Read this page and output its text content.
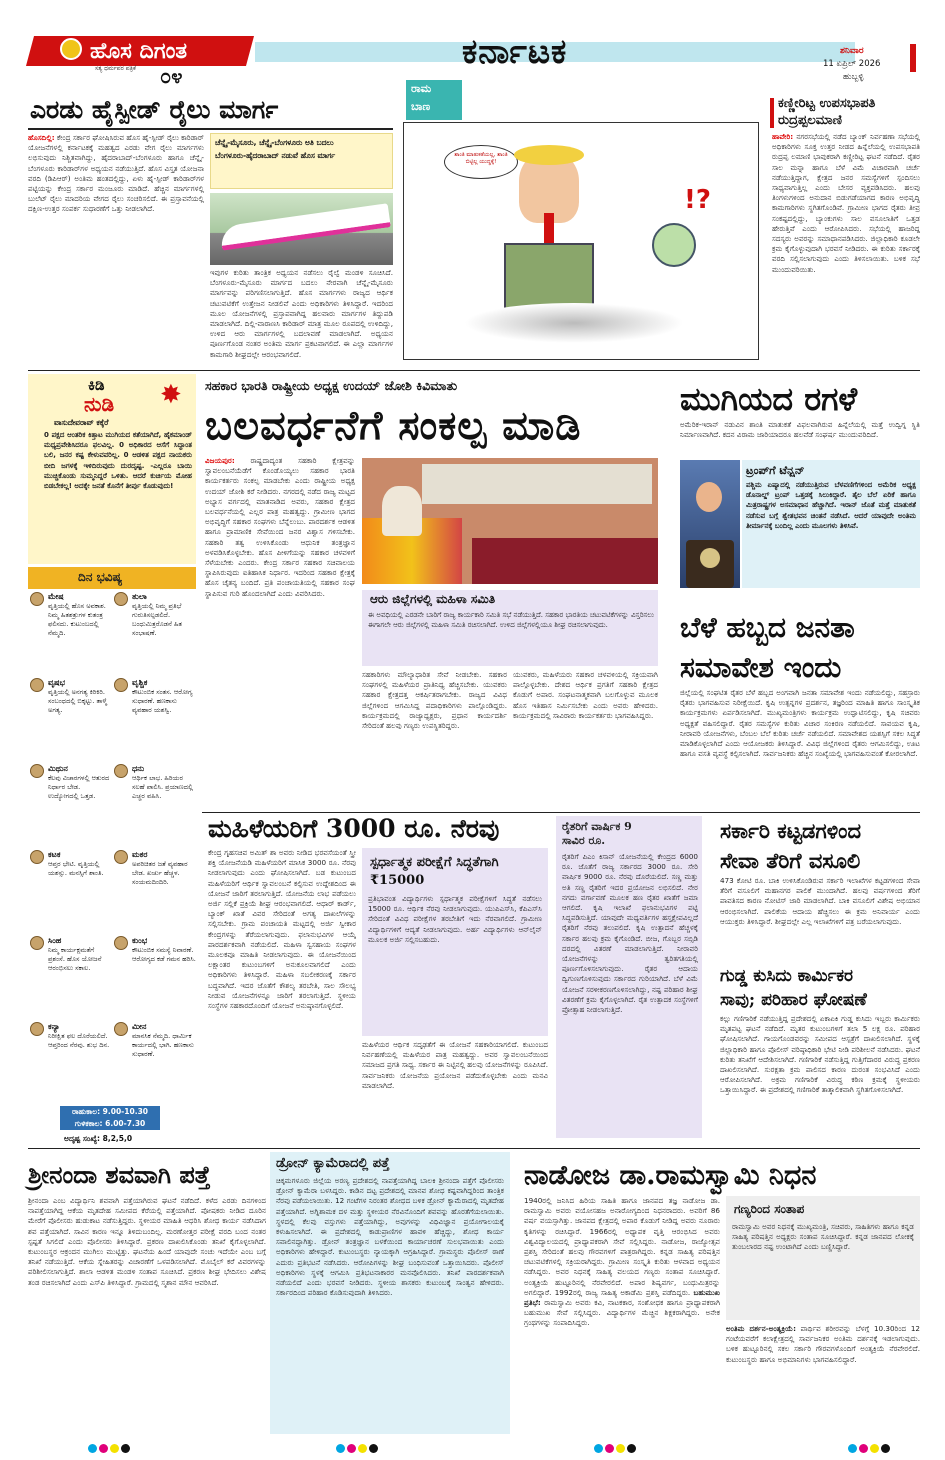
ಹೊಸ ದಿಗಂತ
ಸತ್ಯ ಧರ್ಮಪರ ಪತ್ರಿಕೆ ೦೪
ಕರ್ನಾಟಕ	ಶನಿವಾರ
11 ಏಪ್ರಿಲ್ 2026
ಹುಬ್ಬಳ್ಳಿ
ಎರಡು ಹೈಸ್ಪೀಡ್ ರೈಲು ಮಾರ್ಗ
ಹೊಸದಿಲ್ಲಿ: ಕೇಂದ್ರ ಸರ್ಕಾರ ಘೋಷಿಸಿರುವ ಹೊಸ ಹೈ-ಸ್ಪೀಡ್ ರೈಲು ಕಾರಿಡಾರ್ ಯೋಜನೆಗಳಲ್ಲಿ ಕರ್ನಾಟಕಕ್ಕೆ ಮಹತ್ವದ ಎರಡು ವೇಗ ರೈಲು ಮಾರ್ಗಗಳು ಲಭಿಸುವುದು ನಿಶ್ಚಿತವಾಗಿದ್ದು, ಹೈದರಾಬಾದ್-ಬೆಂಗಳೂರು ಹಾಗೂ ಚೆನ್ನೈ-ಬೆಂಗಳೂರು ಕಾರಿಡಾರ್‌ಗಳ ಅಧ್ಯಯನ ನಡೆಯುತ್ತಿದೆ. ಹೊಸ ವಿಸ್ತೃತ ಯೋಜನಾ ವರದಿ (ಡಿಪಿಆರ್) ಅಂತಿಮ ಹಂತದಲ್ಲಿದ್ದು, ಏಳು ಹೈ-ಸ್ಪೀಡ್ ಕಾರಿಡಾರ್‌ಗಳ ಪಟ್ಟಿಯನ್ನು ಕೇಂದ್ರ ಸರ್ಕಾರ ಮಂಜೂರು ಮಾಡಿದೆ. ಹೆಚ್ಚಿನ ಮಾರ್ಗಗಳಲ್ಲಿ ಬುಲೆಟ್ ರೈಲು ಮಾದರಿಯ ವೇಗದ ರೈಲು ಸಂಚರಿಸಲಿದೆ. ಈ ಪ್ರಸ್ತಾವನೆಯಲ್ಲಿ ದಕ್ಷಿಣ-ಉತ್ತರ ಸಂಪರ್ಕ ಸುಧಾರಣೆಗೆ ಒತ್ತು ನೀಡಲಾಗಿದೆ.
ಚೆನ್ನೈ-ಮೈಸೂರು, ಚೆನ್ನೈ-ಬೆಂಗಳೂರು ಅತಿ ಬದಲು
ಬೆಂಗಳೂರು-ಹೈದರಾಬಾದ್ ನಡುವೆ ಹೊಸ ಮಾರ್ಗ
ಇವುಗಳ ಕುರಿತು ತಾಂತ್ರಿಕ ಅಧ್ಯಯನ ನಡೆಸಲು ರೈಲ್ವೆ ಮಂಡಳಿ ಸೂಚಿಸಿದೆ. ಬೆಂಗಳೂರು-ಮೈಸೂರು ಮಾರ್ಗದ ಬದಲು ನೇರವಾಗಿ ಚೆನ್ನೈ-ಮೈಸೂರು ಮಾರ್ಗವನ್ನು ಪರಿಗಣಿಸಲಾಗುತ್ತಿದೆ. ಹೊಸ ಮಾರ್ಗಗಳು ರಾಜ್ಯದ ಆರ್ಥಿಕ ಚಟುವಟಿಕೆಗೆ ಉತ್ತೇಜನ ನೀಡಲಿವೆ ಎಂದು ಅಧಿಕಾರಿಗಳು ತಿಳಿಸಿದ್ದಾರೆ. ಇದರಿಂದ ಮೂಲ ಯೋಜನೆಗಳಲ್ಲಿ ಪ್ರಸ್ತಾಪವಾಗಿದ್ದ ಹಲವಾರು ಮಾರ್ಗಗಳ ತಿದ್ದುಪಡಿ ಮಾಡಲಾಗಿದೆ. ದಿಲ್ಲಿ-ವಾರಾಣಸಿ ಕಾರಿಡಾರ್ ಮಾತ್ರ ಮೂಲ ರೂಪದಲ್ಲಿ ಉಳಿದಿದ್ದು, ಉಳಿದ ಆರು ಮಾರ್ಗಗಳಲ್ಲಿ ಬದಲಾವಣೆ ಮಾಡಲಾಗಿದೆ. ಅಧ್ಯಯನ ಪೂರ್ಣಗೊಂಡ ನಂತರ ಅಂತಿಮ ಮಾರ್ಗ ಪ್ರಕಟವಾಗಲಿದೆ. ಈ ಎಲ್ಲಾ ಮಾರ್ಗಗಳ ಕಾಮಗಾರಿ ಶೀಘ್ರದಲ್ಲೇ ಆರಂಭವಾಗಲಿದೆ.
ರಾಮ
ಬಾಣ
ಶಾಂತಿ ಮಾತುಕತೆಯಲ್ಲ, ಶಾಂತಿ ಬಿಟ್ಟಿಲ್ಲ ಯುದ್ಧಕ್ಕೆ!
!?
ಕಣ್ಣೀರಿಟ್ಟ ಉಪಸಭಾಪತಿ
ರುದ್ರಪ್ಪಲಮಾಣಿ
ಹಾವೇರಿ: ನಗರಸಭೆಯಲ್ಲಿ ನಡೆದ ಬ್ಯಾಂಕ್ ನಿರ್ವಹಣಾ ಸಭೆಯಲ್ಲಿ ಅಧಿಕಾರಿಗಳು ಸೂಕ್ತ ಉತ್ತರ ನೀಡದ ಹಿನ್ನೆಲೆಯಲ್ಲಿ ಉಪಸಭಾಪತಿ ರುದ್ರಪ್ಪ ಲಮಾಣಿ ಭಾವುಕರಾಗಿ ಕಣ್ಣೀರಿಟ್ಟ ಘಟನೆ ನಡೆದಿದೆ. ರೈತರ ಸಾಲ ಮನ್ನಾ ಹಾಗೂ ಬೆಳೆ ವಿಮೆ ವಿಚಾರವಾಗಿ ಚರ್ಚೆ ನಡೆಯುತ್ತಿದ್ದಾಗ, ಕ್ಷೇತ್ರದ ಜನರ ಸಮಸ್ಯೆಗಳಿಗೆ ಸ್ಪಂದಿಸಲು ಸಾಧ್ಯವಾಗುತ್ತಿಲ್ಲ ಎಂದು ಬೇಸರ ವ್ಯಕ್ತಪಡಿಸಿದರು. ಹಲವು ತಿಂಗಳುಗಳಿಂದ ಅನುದಾನ ಬಿಡುಗಡೆಯಾಗದ ಕಾರಣ ಅಭಿವೃದ್ಧಿ ಕಾಮಗಾರಿಗಳು ಸ್ಥಗಿತಗೊಂಡಿವೆ. ಗ್ರಾಮೀಣ ಭಾಗದ ರೈತರು ತೀವ್ರ ಸಂಕಷ್ಟದಲ್ಲಿದ್ದು, ಬ್ಯಾಂಕುಗಳು ಸಾಲ ವಸೂಲಾತಿಗೆ ಒತ್ತಡ ಹೇರುತ್ತಿವೆ ಎಂದು ಆರೋಪಿಸಿದರು. ಸಭೆಯಲ್ಲಿ ಹಾಜರಿದ್ದ ಸದಸ್ಯರು ಅವರನ್ನು ಸಮಾಧಾನಪಡಿಸಿದರು. ಜಿಲ್ಲಾಧಿಕಾರಿ ಕೂಡಲೇ ಕ್ರಮ ಕೈಗೊಳ್ಳುವುದಾಗಿ ಭರವಸೆ ನೀಡಿದರು. ಈ ಕುರಿತು ಸರ್ಕಾರಕ್ಕೆ ವರದಿ ಸಲ್ಲಿಸಲಾಗುವುದು ಎಂದು ತಿಳಿಸಲಾಯಿತು. ಬಳಿಕ ಸಭೆ ಮುಂದುವರಿಯಿತು.
ಕಿಡಿ
ನುಡಿ ✸
ವಾಸುದೇವರಾವ್ ಕಕ್ಕೆರೆ
0 ಪಕ್ಷದ ಆಂತರಿಕ ಕಿತ್ತಾಟ ಮುಗಿಯದ ಕತೆಯಾಗಿದೆ, ಹೈಕಮಾಂಡ್ ಮಧ್ಯಪ್ರವೇಶಿಸಿದರೂ ಫಲವಿಲ್ಲ. 0 ಅಧಿಕಾರದ ಆಸೆಗೆ ಸಿದ್ಧಾಂತ ಬಲಿ, ಜನರ ಕಷ್ಟ ಕೇಳುವವರಿಲ್ಲ. 0 ಆಡಳಿತ ಪಕ್ಷದ ನಾಯಕರು ಬೀದಿ ಜಗಳಕ್ಕೆ ಇಳಿದಿರುವುದು ದುರದೃಷ್ಟ. -ಎಲ್ಲರೂ ಬಾಯಿ ಮುಚ್ಚಿಕೊಂಡು ಸುಮ್ಮನಿದ್ದರೆ ಒಳಿತು. ಆದರೆ ಕುರ್ಚಿಯ ಮೋಹ ಬಿಡಬೇಕಲ್ಲ! ಅದಕ್ಕೇ ಜನತೆ ಕೊನೆಗೆ ತೀರ್ಪು ಕೊಡುವುದು!
ದಿನ ಭವಿಷ್ಯ
ಮೇಷ
ವೃತ್ತಿಯಲ್ಲಿ ಹೊಸ ಅವಕಾಶ. ನಿಮ್ಮ ಹಿತಶತ್ರುಗಳ ಕುತಂತ್ರ ಫಲಿಸದು. ಕುಟುಂಬದಲ್ಲಿ ನೆಮ್ಮದಿ.
ವೃಷಭ
ವೃತ್ತಿಯಲ್ಲಿ ಅನಗತ್ಯ ಕಿರಿಕಿರಿ. ಸಂಬಂಧದಲ್ಲಿ ಬಿಕ್ಕಟ್ಟು. ತಾಳ್ಮೆ ಅಗತ್ಯ.
ಮಿಥುನ
ಕೆಲವು ವಿಚಾರಗಳಲ್ಲಿ ಆತುರದ ನಿರ್ಧಾರ ಬೇಡ. ಉದ್ಯೋಗದಲ್ಲಿ ಒತ್ತಡ.
ಕಟಕ
ಆಪ್ತರ ಭೇಟಿ. ವೃತ್ತಿಯಲ್ಲಿ ಯಶಸ್ಸು. ಮನಸ್ಸಿಗೆ ಶಾಂತಿ.
ಸಿಂಹ
ನಿಮ್ಮ ಕಾರ್ಯಕ್ಷಮತೆಗೆ ಪ್ರಶಂಸೆ. ಹೊಸ ಯೋಜನೆ ಆರಂಭಿಸಲು ಸಕಾಲ.
ಕನ್ಯಾ
ನಿರೀಕ್ಷಿತ ಫಲ ದೊರೆಯಲಿದೆ. ಆಪ್ತರಿಂದ ನೆರವು. ಶುಭ ದಿನ.
ತುಲಾ
ವೃತ್ತಿಯಲ್ಲಿ ನಿಮ್ಮ ಪ್ರತಿಭೆ ಗುರುತಿಸಲ್ಪಡಲಿದೆ. ಬಂಧುಮಿತ್ರರೊಡನೆ ಹಿತ ಸಂಭಾಷಣೆ.
ವೃಶ್ಚಿಕ
ಕೌಟುಂಬಿಕ ಸಂತಸ. ಆರೋಗ್ಯ ಸುಧಾರಣೆ. ಹಣಕಾಸು ವ್ಯವಹಾರ ಯಶಸ್ವಿ.
ಧನು
ಆರ್ಥಿಕ ಲಾಭ. ಹಿರಿಯರ ಸಲಹೆ ಪಾಲಿಸಿ. ಪ್ರಯಾಣದಲ್ಲಿ ಎಚ್ಚರ ವಹಿಸಿ.
ಮಕರ
ಅಪರಿಚಿತರ ಜತೆ ವ್ಯವಹಾರ ಬೇಡ. ಖರ್ಚು ಹೆಚ್ಚಳ. ಸಂಯಮದಿಂದಿರಿ.
ಕುಂಭ
ಕೌಟುಂಬಿಕ ಸಮಸ್ಯೆ ನಿವಾರಣೆ. ಆರೋಗ್ಯದ ಕಡೆ ಗಮನ ಹರಿಸಿ.
ಮೀನ
ಮಾನಸಿಕ ನೆಮ್ಮದಿ. ಧಾರ್ಮಿಕ ಕಾರ್ಯದಲ್ಲಿ ಭಾಗಿ. ಹಣಕಾಸು ಸುಧಾರಣೆ.
ರಾಹುಕಾಲ: 9.00-10.30
ಗುಳಿಕಕಾಲ: 6.00-7.30
ಅದೃಷ್ಟ ಸಂಖ್ಯೆ: 8,2,5,0
ಸಹಕಾರ ಭಾರತಿ ರಾಷ್ಟ್ರೀಯ ಅಧ್ಯಕ್ಷ ಉದಯ್ ಜೋಶಿ ಕಿವಿಮಾತು
ಬಲವರ್ಧನೆಗೆ ಸಂಕಲ್ಪ ಮಾಡಿ
ವಿಜಯಪುರ: ರಾಷ್ಟ್ರದಾದ್ಯಂತ ಸಹಕಾರಿ ಕ್ಷೇತ್ರವನ್ನು ಸ್ವಾವಲಂಬನೆಯೆಡೆಗೆ ಕೊಂಡೊಯ್ಯಲು ಸಹಕಾರ ಭಾರತಿ ಕಾರ್ಯಕರ್ತರು ಸಂಕಲ್ಪ ಮಾಡಬೇಕು ಎಂದು ರಾಷ್ಟ್ರೀಯ ಅಧ್ಯಕ್ಷ ಉದಯ್ ಜೋಶಿ ಕರೆ ನೀಡಿದರು. ನಗರದಲ್ಲಿ ನಡೆದ ರಾಜ್ಯ ಮಟ್ಟದ ಅಭ್ಯಾಸ ವರ್ಗದಲ್ಲಿ ಮಾತನಾಡಿದ ಅವರು, ಸಹಕಾರ ಕ್ಷೇತ್ರದ ಬಲವರ್ಧನೆಯಲ್ಲಿ ಎಲ್ಲರ ಪಾತ್ರ ಮಹತ್ವದ್ದು. ಗ್ರಾಮೀಣ ಭಾಗದ ಅಭಿವೃದ್ಧಿಗೆ ಸಹಕಾರ ಸಂಘಗಳು ಬೆನ್ನೆಲುಬು. ಪಾರದರ್ಶಕ ಆಡಳಿತ ಹಾಗೂ ಪ್ರಾಮಾಣಿಕ ಸೇವೆಯಿಂದ ಜನರ ವಿಶ್ವಾಸ ಗಳಿಸಬೇಕು. ಸಹಕಾರಿ ತತ್ವ ಉಳಿಸಿಕೊಂಡು ಆಧುನಿಕ ತಂತ್ರಜ್ಞಾನ ಅಳವಡಿಸಿಕೊಳ್ಳಬೇಕು. ಹೊಸ ಪೀಳಿಗೆಯನ್ನು ಸಹಕಾರ ಚಳವಳಿಗೆ ಸೆಳೆಯಬೇಕು ಎಂದರು. ಕೇಂದ್ರ ಸರ್ಕಾರ ಸಹಕಾರ ಸಚಿವಾಲಯ ಸ್ಥಾಪಿಸಿರುವುದು ಐತಿಹಾಸಿಕ ನಿರ್ಧಾರ. ಇದರಿಂದ ಸಹಕಾರ ಕ್ಷೇತ್ರಕ್ಕೆ ಹೊಸ ಚೈತನ್ಯ ಬಂದಿದೆ. ಪ್ರತಿ ಪಂಚಾಯತಿಯಲ್ಲಿ ಸಹಕಾರ ಸಂಘ ಸ್ಥಾಪಿಸುವ ಗುರಿ ಹೊಂದಲಾಗಿದೆ ಎಂದು ವಿವರಿಸಿದರು.	ಆರು ಜಿಲ್ಲೆಗಳಲ್ಲಿ ಮಹಿಳಾ ಸಮಿತಿ
ಈ ಅವಧಿಯಲ್ಲಿ ಎರಡನೇ ಬಾರಿಗೆ ರಾಜ್ಯ ಕಾರ್ಯಕಾರಿ ಸಮಿತಿ ಸಭೆ ನಡೆಯುತ್ತಿದೆ. ಸಹಕಾರ ಭಾರತಿಯ ಚಟುವಟಿಕೆಗಳನ್ನು ವಿಸ್ತರಿಸಲು ಈಗಾಗಲೇ ಆರು ಜಿಲ್ಲೆಗಳಲ್ಲಿ ಮಹಿಳಾ ಸಮಿತಿ ರಚಿಸಲಾಗಿದೆ. ಉಳಿದ ಜಿಲ್ಲೆಗಳಲ್ಲಿಯೂ ಶೀಘ್ರ ರಚಿಸಲಾಗುವುದು.
ಸಹಕಾರಿಗಳು ಮೌಲ್ಯಾಧಾರಿತ ಸೇವೆ ನೀಡಬೇಕು. ಸಹಕಾರ ಸಂಘಗಳಲ್ಲಿ ಮಹಿಳೆಯರ ಪ್ರಾತಿನಿಧ್ಯ ಹೆಚ್ಚಿಸಬೇಕು. ಯುವಕರು ಸಹಕಾರ ಕ್ಷೇತ್ರದತ್ತ ಆಕರ್ಷಿತರಾಗಬೇಕು. ರಾಜ್ಯದ ವಿವಿಧ ಜಿಲ್ಲೆಗಳಿಂದ ಆಗಮಿಸಿದ್ದ ಪದಾಧಿಕಾರಿಗಳು ಪಾಲ್ಗೊಂಡಿದ್ದರು. ಕಾರ್ಯಕ್ರಮದಲ್ಲಿ ರಾಜ್ಯಾಧ್ಯಕ್ಷರು, ಪ್ರಧಾನ ಕಾರ್ಯದರ್ಶಿ ಸೇರಿದಂತೆ ಹಲವು ಗಣ್ಯರು ಉಪಸ್ಥಿತರಿದ್ದರು.
ಯುವಕರು, ಮಹಿಳೆಯರು ಸಹಕಾರ ಚಳವಳಿಯಲ್ಲಿ ಸಕ್ರಿಯವಾಗಿ ಪಾಲ್ಗೊಳ್ಳಬೇಕು. ದೇಶದ ಆರ್ಥಿಕ ಪ್ರಗತಿಗೆ ಸಹಕಾರಿ ಕ್ಷೇತ್ರದ ಕೊಡುಗೆ ಅಪಾರ. ಸಂಘಟನಾತ್ಮಕವಾಗಿ ಬಲಗೊಳ್ಳುವ ಮೂಲಕ ಹೊಸ ಇತಿಹಾಸ ನಿರ್ಮಿಸಬೇಕು ಎಂದು ಅವರು ಹೇಳಿದರು. ಕಾರ್ಯಕ್ರಮದಲ್ಲಿ ಸಾವಿರಾರು ಕಾರ್ಯಕರ್ತರು ಭಾಗವಹಿಸಿದ್ದರು.
ಮುಗಿಯದ ರಗಳೆ
ಅಮೆರಿಕ-ಇರಾನ್ ನಡುವಿನ ಶಾಂತಿ ಮಾತುಕತೆ ವಿಫಲವಾಗಿರುವ ಹಿನ್ನೆಲೆಯಲ್ಲಿ ಮತ್ತೆ ಉದ್ವಿಗ್ನ ಸ್ಥಿತಿ ನಿರ್ಮಾಣವಾಗಿದೆ. ಕದನ ವಿರಾಮ ಜಾರಿಯಾದರೂ ಹಲವೆಡೆ ಸಂಘರ್ಷ ಮುಂದುವರಿದಿದೆ.
ಟ್ರಂಪ್‌ಗೆ ಟೆನ್ಷನ್
ಪಶ್ಚಿಮ ಏಷ್ಯಾದಲ್ಲಿ ನಡೆಯುತ್ತಿರುವ ಬೆಳವಣಿಗೆಗಳಿಂದ ಅಮೆರಿಕ ಅಧ್ಯಕ್ಷ ಡೊನಾಲ್ಡ್ ಟ್ರಂಪ್ ಒತ್ತಡಕ್ಕೆ ಸಿಲುಕಿದ್ದಾರೆ. ತೈಲ ಬೆಲೆ ಏರಿಕೆ ಹಾಗೂ ಮಿತ್ರರಾಷ್ಟ್ರಗಳ ಅಸಮಾಧಾನ ಹೆಚ್ಚಾಗಿದೆ. ಇರಾನ್ ಜೊತೆ ಮತ್ತೆ ಮಾತುಕತೆ ನಡೆಸುವ ಬಗ್ಗೆ ಶ್ವೇತಭವನ ಚಿಂತನೆ ನಡೆಸಿದೆ. ಆದರೆ ಯಾವುದೇ ಅಂತಿಮ ತೀರ್ಮಾನಕ್ಕೆ ಬಂದಿಲ್ಲ ಎಂದು ಮೂಲಗಳು ತಿಳಿಸಿವೆ.
ಬೆಳೆ ಹಬ್ಬದ ಜನತಾ
ಸಮಾವೇಶ ಇಂದು
ಜಿಲ್ಲೆಯಲ್ಲಿ ಸಂಘಟಿತ ರೈತರ ಬೆಳೆ ಹಬ್ಬದ ಅಂಗವಾಗಿ ಜನತಾ ಸಮಾವೇಶ ಇಂದು ನಡೆಯಲಿದ್ದು, ಸಹಸ್ರಾರು ರೈತರು ಭಾಗವಹಿಸುವ ನಿರೀಕ್ಷೆಯಿದೆ. ಕೃಷಿ ಉತ್ಪನ್ನಗಳ ಪ್ರದರ್ಶನ, ತಜ್ಞರಿಂದ ಮಾಹಿತಿ ಹಾಗೂ ಸಾಂಸ್ಕೃತಿಕ ಕಾರ್ಯಕ್ರಮಗಳು ಏರ್ಪಡಿಸಲಾಗಿದೆ. ಮುಖ್ಯಮಂತ್ರಿಗಳು ಕಾರ್ಯಕ್ರಮ ಉದ್ಘಾಟಿಸಲಿದ್ದು, ಕೃಷಿ ಸಚಿವರು ಅಧ್ಯಕ್ಷತೆ ವಹಿಸಲಿದ್ದಾರೆ. ರೈತರ ಸಮಸ್ಯೆಗಳ ಕುರಿತು ವಿಚಾರ ಸಂಕಿರಣ ನಡೆಯಲಿದೆ. ಸಾವಯವ ಕೃಷಿ, ನೀರಾವರಿ ಯೋಜನೆಗಳು, ಬೆಂಬಲ ಬೆಲೆ ಕುರಿತು ಚರ್ಚೆ ನಡೆಯಲಿದೆ. ಸಮಾವೇಶದ ಯಶಸ್ಸಿಗೆ ಸಕಲ ಸಿದ್ಧತೆ ಮಾಡಿಕೊಳ್ಳಲಾಗಿದೆ ಎಂದು ಆಯೋಜಕರು ತಿಳಿಸಿದ್ದಾರೆ. ವಿವಿಧ ಜಿಲ್ಲೆಗಳಿಂದ ರೈತರು ಆಗಮಿಸಲಿದ್ದು, ಊಟ ಹಾಗೂ ವಸತಿ ವ್ಯವಸ್ಥೆ ಕಲ್ಪಿಸಲಾಗಿದೆ. ಸಾರ್ವಜನಿಕರು ಹೆಚ್ಚಿನ ಸಂಖ್ಯೆಯಲ್ಲಿ ಭಾಗವಹಿಸುವಂತೆ ಕೋರಲಾಗಿದೆ.
ಮಹಿಳೆಯರಿಗೆ 3000 ರೂ. ನೆರವು
ಕೇಂದ್ರ ಗೃಹಸಚಿವ ಅಮಿತ್ ಶಾ ಅವರು ನೀಡಿದ ಭರವಸೆಯಂತೆ ಸ್ತ್ರೀ ಶಕ್ತಿ ಯೋಜನೆಯಡಿ ಮಹಿಳೆಯರಿಗೆ ಮಾಸಿಕ 3000 ರೂ. ನೆರವು ನೀಡಲಾಗುವುದು ಎಂದು ಘೋಷಿಸಲಾಗಿದೆ. ಬಡ ಕುಟುಂಬದ ಮಹಿಳೆಯರಿಗೆ ಆರ್ಥಿಕ ಸ್ವಾವಲಂಬನೆ ಕಲ್ಪಿಸುವ ಉದ್ದೇಶದಿಂದ ಈ ಯೋಜನೆ ಜಾರಿಗೆ ತರಲಾಗುತ್ತಿದೆ. ಯೋಜನೆಯ ಲಾಭ ಪಡೆಯಲು ಅರ್ಜಿ ಸಲ್ಲಿಕೆ ಪ್ರಕ್ರಿಯೆ ಶೀಘ್ರ ಆರಂಭವಾಗಲಿದೆ. ಆಧಾರ್ ಕಾರ್ಡ್, ಬ್ಯಾಂಕ್ ಖಾತೆ ವಿವರ ಸೇರಿದಂತೆ ಅಗತ್ಯ ದಾಖಲೆಗಳನ್ನು ಸಲ್ಲಿಸಬೇಕು. ಗ್ರಾಮ ಪಂಚಾಯತಿ ಮಟ್ಟದಲ್ಲಿ ಅರ್ಜಿ ಸ್ವೀಕಾರ ಕೇಂದ್ರಗಳನ್ನು ತೆರೆಯಲಾಗುವುದು. ಫಲಾನುಭವಿಗಳ ಆಯ್ಕೆ ಪಾರದರ್ಶಕವಾಗಿ ನಡೆಯಲಿದೆ. ಮಹಿಳಾ ಸ್ವಸಹಾಯ ಸಂಘಗಳ ಮೂಲಕವೂ ಮಾಹಿತಿ ನೀಡಲಾಗುವುದು. ಈ ಯೋಜನೆಯಿಂದ ಲಕ್ಷಾಂತರ ಕುಟುಂಬಗಳಿಗೆ ಅನುಕೂಲವಾಗಲಿದೆ ಎಂದು ಅಧಿಕಾರಿಗಳು ತಿಳಿಸಿದ್ದಾರೆ. ಮಹಿಳಾ ಸಬಲೀಕರಣಕ್ಕೆ ಸರ್ಕಾರ ಬದ್ಧವಾಗಿದೆ. ಇದರ ಜೊತೆಗೆ ಕೌಶಲ್ಯ ತರಬೇತಿ, ಸಾಲ ಸೌಲಭ್ಯ ನೀಡುವ ಯೋಜನೆಗಳನ್ನೂ ಜಾರಿಗೆ ತರಲಾಗುತ್ತಿದೆ. ಸ್ಥಳೀಯ ಸಂಸ್ಥೆಗಳ ಸಹಕಾರದೊಂದಿಗೆ ಯೋಜನೆ ಅನುಷ್ಠಾನಗೊಳ್ಳಲಿದೆ.
ಸ್ಪರ್ಧಾತ್ಮಕ ಪರೀಕ್ಷೆಗೆ ಸಿದ್ಧತೆಗಾಗಿ ₹15000
ಪ್ರತಿಭಾವಂತ ವಿದ್ಯಾರ್ಥಿಗಳು ಸ್ಪರ್ಧಾತ್ಮಕ ಪರೀಕ್ಷೆಗಳಿಗೆ ಸಿದ್ಧತೆ ನಡೆಸಲು 15000 ರೂ. ಆರ್ಥಿಕ ನೆರವು ನೀಡಲಾಗುವುದು. ಯುಪಿಎಸ್‌ಸಿ, ಕೆಪಿಎಸ್‌ಸಿ ಸೇರಿದಂತೆ ವಿವಿಧ ಪರೀಕ್ಷೆಗಳ ತರಬೇತಿಗೆ ಇದು ನೆರವಾಗಲಿದೆ. ಗ್ರಾಮೀಣ ವಿದ್ಯಾರ್ಥಿಗಳಿಗೆ ಆದ್ಯತೆ ನೀಡಲಾಗುವುದು. ಅರ್ಹ ವಿದ್ಯಾರ್ಥಿಗಳು ಆನ್‌ಲೈನ್ ಮೂಲಕ ಅರ್ಜಿ ಸಲ್ಲಿಸಬಹುದು.
ಮಹಿಳೆಯರ ಆರ್ಥಿಕ ಸದೃಢತೆಗೆ ಈ ಯೋಜನೆ ಸಹಕಾರಿಯಾಗಲಿದೆ. ಕುಟುಂಬದ ನಿರ್ವಹಣೆಯಲ್ಲಿ ಮಹಿಳೆಯರ ಪಾತ್ರ ಮಹತ್ವದ್ದು. ಅವರ ಸ್ವಾವಲಂಬನೆಯಿಂದ ಸಮಾಜದ ಪ್ರಗತಿ ಸಾಧ್ಯ. ಸರ್ಕಾರ ಈ ನಿಟ್ಟಿನಲ್ಲಿ ಹಲವು ಯೋಜನೆಗಳನ್ನು ರೂಪಿಸಿದೆ. ಸಾರ್ವಜನಿಕರು ಯೋಜನೆಯ ಪ್ರಯೋಜನ ಪಡೆದುಕೊಳ್ಳಬೇಕು ಎಂದು ಮನವಿ ಮಾಡಲಾಗಿದೆ.
ರೈತರಿಗೆ ವಾರ್ಷಿಕ 9
ಸಾವಿರ ರೂ.
ರೈತರಿಗೆ ಪಿಎಂ ಕಿಸಾನ್ ಯೋಜನೆಯಲ್ಲಿ ಕೇಂದ್ರದ 6000 ರೂ. ಜೊತೆಗೆ ರಾಜ್ಯ ಸರ್ಕಾರದ 3000 ರೂ. ಸೇರಿ ವಾರ್ಷಿಕ 9000 ರೂ. ನೆರವು ದೊರೆಯಲಿದೆ. ಸಣ್ಣ ಮತ್ತು ಅತಿ ಸಣ್ಣ ರೈತರಿಗೆ ಇದರ ಪ್ರಯೋಜನ ಲಭಿಸಲಿದೆ. ನೇರ ನಗದು ವರ್ಗಾವಣೆ ಮೂಲಕ ಹಣ ರೈತರ ಖಾತೆಗೆ ಜಮಾ ಆಗಲಿದೆ. ಕೃಷಿ ಇಲಾಖೆ ಫಲಾನುಭವಿಗಳ ಪಟ್ಟಿ ಸಿದ್ಧಪಡಿಸುತ್ತಿದೆ. ಯಾವುದೇ ಮಧ್ಯವರ್ತಿಗಳ ಹಸ್ತಕ್ಷೇಪವಿಲ್ಲದೆ ರೈತರಿಗೆ ನೆರವು ತಲುಪಲಿದೆ. ಕೃಷಿ ಉತ್ಪಾದನೆ ಹೆಚ್ಚಳಕ್ಕೆ ಸರ್ಕಾರ ಹಲವು ಕ್ರಮ ಕೈಗೊಂಡಿದೆ. ಬೀಜ, ಗೊಬ್ಬರ ಸಬ್ಸಿಡಿ ದರದಲ್ಲಿ ವಿತರಣೆ ಮಾಡಲಾಗುತ್ತಿದೆ. ನೀರಾವರಿ ಯೋಜನೆಗಳನ್ನು ತ್ವರಿತಗತಿಯಲ್ಲಿ ಪೂರ್ಣಗೊಳಿಸಲಾಗುವುದು. ರೈತರ ಆದಾಯ ದ್ವಿಗುಣಗೊಳಿಸುವುದು ಸರ್ಕಾರದ ಗುರಿಯಾಗಿದೆ. ಬೆಳೆ ವಿಮೆ ಯೋಜನೆ ಸರಳೀಕರಣಗೊಳಿಸಲಾಗಿದ್ದು, ನಷ್ಟ ಪರಿಹಾರ ಶೀಘ್ರ ವಿತರಣೆಗೆ ಕ್ರಮ ಕೈಗೊಳ್ಳಲಾಗಿದೆ. ರೈತ ಉತ್ಪಾದಕ ಸಂಸ್ಥೆಗಳಿಗೆ ಪ್ರೋತ್ಸಾಹ ನೀಡಲಾಗುತ್ತಿದೆ.
ಸರ್ಕಾರಿ ಕಟ್ಟಡಗಳಿಂದ
ಸೇವಾ ತೆರಿಗೆ ವಸೂಲಿ
473 ಕೋಟಿ ರೂ. ಬಾಕಿ ಉಳಿಸಿಕೊಂಡಿರುವ ಸರ್ಕಾರಿ ಇಲಾಖೆಗಳ ಕಟ್ಟಡಗಳಿಂದ ಸೇವಾ ತೆರಿಗೆ ವಸೂಲಿಗೆ ಮಹಾನಗರ ಪಾಲಿಕೆ ಮುಂದಾಗಿದೆ. ಹಲವು ವರ್ಷಗಳಿಂದ ತೆರಿಗೆ ಪಾವತಿಸದ ಕಾರಣ ನೋಟಿಸ್ ಜಾರಿ ಮಾಡಲಾಗಿದೆ. ಬಾಕಿ ವಸೂಲಿಗೆ ವಿಶೇಷ ಅಭಿಯಾನ ಆರಂಭಿಸಲಾಗಿದೆ. ಪಾಲಿಕೆಯ ಆದಾಯ ಹೆಚ್ಚಿಸಲು ಈ ಕ್ರಮ ಅನಿವಾರ್ಯ ಎಂದು ಆಯುಕ್ತರು ತಿಳಿಸಿದ್ದಾರೆ. ಶೀಘ್ರದಲ್ಲೇ ಎಲ್ಲ ಇಲಾಖೆಗಳಿಗೆ ಪತ್ರ ಬರೆಯಲಾಗುವುದು.
ಗುಡ್ಡ ಕುಸಿದು ಕಾರ್ಮಿಕರ
ಸಾವು; ಪರಿಹಾರ ಘೋಷಣೆ
ಕಲ್ಲು ಗಣಿಗಾರಿಕೆ ನಡೆಯುತ್ತಿದ್ದ ಪ್ರದೇಶದಲ್ಲಿ ಏಕಾಏಕಿ ಗುಡ್ಡ ಕುಸಿದು ಇಬ್ಬರು ಕಾರ್ಮಿಕರು ಮೃತಪಟ್ಟ ಘಟನೆ ನಡೆದಿದೆ. ಮೃತರ ಕುಟುಂಬಗಳಿಗೆ ತಲಾ 5 ಲಕ್ಷ ರೂ. ಪರಿಹಾರ ಘೋಷಿಸಲಾಗಿದೆ. ಗಾಯಗೊಂಡವರನ್ನು ಸಮೀಪದ ಆಸ್ಪತ್ರೆಗೆ ದಾಖಲಿಸಲಾಗಿದೆ. ಸ್ಥಳಕ್ಕೆ ಜಿಲ್ಲಾಧಿಕಾರಿ ಹಾಗೂ ಪೊಲೀಸ್ ವರಿಷ್ಠಾಧಿಕಾರಿ ಭೇಟಿ ನೀಡಿ ಪರಿಶೀಲನೆ ನಡೆಸಿದರು. ಘಟನೆ ಕುರಿತು ತನಿಖೆಗೆ ಆದೇಶಿಸಲಾಗಿದೆ. ಗಣಿಗಾರಿಕೆ ನಡೆಸುತ್ತಿದ್ದ ಗುತ್ತಿಗೆದಾರರ ವಿರುದ್ಧ ಪ್ರಕರಣ ದಾಖಲಿಸಲಾಗಿದೆ. ಸುರಕ್ಷತಾ ಕ್ರಮ ಪಾಲಿಸದ ಕಾರಣ ದುರಂತ ಸಂಭವಿಸಿದೆ ಎಂದು ಆರೋಪಿಸಲಾಗಿದೆ. ಅಕ್ರಮ ಗಣಿಗಾರಿಕೆ ವಿರುದ್ಧ ಕಠಿಣ ಕ್ರಮಕ್ಕೆ ಸ್ಥಳೀಯರು ಒತ್ತಾಯಿಸಿದ್ದಾರೆ. ಈ ಪ್ರದೇಶದಲ್ಲಿ ಗಣಿಗಾರಿಕೆ ತಾತ್ಕಾಲಿಕವಾಗಿ ಸ್ಥಗಿತಗೊಳಿಸಲಾಗಿದೆ.
ಶ್ರೀನಂದಾ ಶವವಾಗಿ ಪತ್ತೆ
ಶ್ರೀನಂದಾ ಎಂಬ ವಿದ್ಯಾರ್ಥಿನಿ ಶವವಾಗಿ ಪತ್ತೆಯಾಗಿರುವ ಘಟನೆ ನಡೆದಿದೆ. ಕಳೆದ ಎರಡು ದಿನಗಳಿಂದ ನಾಪತ್ತೆಯಾಗಿದ್ದ ಆಕೆಯ ಮೃತದೇಹ ಸಮೀಪದ ಕೆರೆಯಲ್ಲಿ ಪತ್ತೆಯಾಗಿದೆ. ಪೋಷಕರು ನೀಡಿದ ದೂರಿನ ಮೇರೆಗೆ ಪೊಲೀಸರು ಹುಡುಕಾಟ ನಡೆಸುತ್ತಿದ್ದರು. ಸ್ಥಳೀಯರ ಮಾಹಿತಿ ಆಧರಿಸಿ ಶೋಧ ಕಾರ್ಯ ನಡೆಸಿದಾಗ ಶವ ಪತ್ತೆಯಾಗಿದೆ. ಸಾವಿನ ಕಾರಣ ಇನ್ನೂ ತಿಳಿದುಬಂದಿಲ್ಲ. ಮರಣೋತ್ತರ ಪರೀಕ್ಷೆ ವರದಿ ಬಂದ ನಂತರ ಸ್ಪಷ್ಟತೆ ಸಿಗಲಿದೆ ಎಂದು ಪೊಲೀಸರು ತಿಳಿಸಿದ್ದಾರೆ. ಪ್ರಕರಣ ದಾಖಲಿಸಿಕೊಂಡು ತನಿಖೆ ಕೈಗೊಳ್ಳಲಾಗಿದೆ. ಕುಟುಂಬಸ್ಥರ ಆಕ್ರಂದನ ಮುಗಿಲು ಮುಟ್ಟಿತ್ತು. ಘಟನೆಯ ಹಿಂದೆ ಯಾವುದೇ ಸಂಚು ಇದೆಯೇ ಎಂಬ ಬಗ್ಗೆ ತನಿಖೆ ನಡೆಯುತ್ತಿದೆ. ಆಕೆಯ ಸ್ನೇಹಿತರನ್ನು ವಿಚಾರಣೆಗೆ ಒಳಪಡಿಸಲಾಗಿದೆ. ಮೊಬೈಲ್ ಕರೆ ವಿವರಗಳನ್ನು ಪರಿಶೀಲಿಸಲಾಗುತ್ತಿದೆ. ಶಾಲಾ ಆಡಳಿತ ಮಂಡಳಿ ಸಂತಾಪ ಸೂಚಿಸಿದೆ. ಪ್ರಕರಣ ಶೀಘ್ರ ಭೇದಿಸಲು ವಿಶೇಷ ತಂಡ ರಚಿಸಲಾಗಿದೆ ಎಂದು ಎಸ್‌ಪಿ ತಿಳಿಸಿದ್ದಾರೆ. ಗ್ರಾಮದಲ್ಲಿ ಸ್ಮಶಾನ ಮೌನ ಆವರಿಸಿದೆ.
ಡ್ರೋನ್ ಕ್ಯಾಮೆರಾದಲ್ಲಿ ಪತ್ತೆ
ಚಿಕ್ಕಮಗಳೂರು ಜಿಲ್ಲೆಯ ಅರಣ್ಯ ಪ್ರದೇಶದಲ್ಲಿ ನಾಪತ್ತೆಯಾಗಿದ್ದ ಬಾಲಕಿ ಶ್ರೀನಂದಾ ಪತ್ತೆಗೆ ಪೊಲೀಸರು ಡ್ರೋನ್ ಕ್ಯಾಮೆರಾ ಬಳಸಿದ್ದರು. ಕಾಡಿನ ದಟ್ಟ ಪ್ರದೇಶದಲ್ಲಿ ಮಾನವ ಶೋಧ ಕಷ್ಟವಾಗಿದ್ದರಿಂದ ತಾಂತ್ರಿಕ ನೆರವು ಪಡೆಯಲಾಯಿತು. 12 ಗಂಟೆಗಳ ನಿರಂತರ ಶೋಧದ ಬಳಿಕ ಡ್ರೋನ್ ಕ್ಯಾಮೆರಾದಲ್ಲಿ ಮೃತದೇಹ ಪತ್ತೆಯಾಗಿದೆ. ಅಗ್ನಿಶಾಮಕ ದಳ ಮತ್ತು ಸ್ಥಳೀಯರ ನೆರವಿನೊಂದಿಗೆ ಶವವನ್ನು ಹೊರತೆಗೆಯಲಾಯಿತು. ಸ್ಥಳದಲ್ಲಿ ಕೆಲವು ವಸ್ತುಗಳು ಪತ್ತೆಯಾಗಿದ್ದು, ಅವುಗಳನ್ನು ವಿಧಿವಿಜ್ಞಾನ ಪ್ರಯೋಗಾಲಯಕ್ಕೆ ಕಳುಹಿಸಲಾಗಿದೆ. ಈ ಪ್ರದೇಶದಲ್ಲಿ ಕಾಡುಪ್ರಾಣಿಗಳ ಹಾವಳಿ ಹೆಚ್ಚಿದ್ದು, ಶೋಧ ಕಾರ್ಯ ಸವಾಲಿನದ್ದಾಗಿತ್ತು. ಡ್ರೋನ್ ತಂತ್ರಜ್ಞಾನ ಬಳಕೆಯಿಂದ ಕಾರ್ಯಾಚರಣೆ ಸುಲಭವಾಯಿತು ಎಂದು ಅಧಿಕಾರಿಗಳು ಹೇಳಿದ್ದಾರೆ. ಕುಟುಂಬಸ್ಥರು ನ್ಯಾಯಕ್ಕಾಗಿ ಆಗ್ರಹಿಸಿದ್ದಾರೆ. ಗ್ರಾಮಸ್ಥರು ಪೊಲೀಸ್ ಠಾಣೆ ಎದುರು ಪ್ರತಿಭಟನೆ ನಡೆಸಿದರು. ಆರೋಪಿಗಳನ್ನು ಶೀಘ್ರ ಬಂಧಿಸುವಂತೆ ಒತ್ತಾಯಿಸಿದರು. ಪೊಲೀಸ್ ಅಧಿಕಾರಿಗಳು ಸ್ಥಳಕ್ಕೆ ಆಗಮಿಸಿ ಪ್ರತಿಭಟನಾಕಾರರ ಮನವೊಲಿಸಿದರು. ತನಿಖೆ ಪಾರದರ್ಶಕವಾಗಿ ನಡೆಯಲಿದೆ ಎಂದು ಭರವಸೆ ನೀಡಿದರು. ಸ್ಥಳೀಯ ಶಾಸಕರು ಕುಟುಂಬಕ್ಕೆ ಸಾಂತ್ವನ ಹೇಳಿದರು. ಸರ್ಕಾರದಿಂದ ಪರಿಹಾರ ಕೊಡಿಸುವುದಾಗಿ ತಿಳಿಸಿದರು.
ನಾಡೋಜ ಡಾ.ರಾಮಸ್ವಾಮಿ ನಿಧನ
1940ರಲ್ಲಿ ಜನಿಸಿದ ಹಿರಿಯ ಸಾಹಿತಿ ಹಾಗೂ ಜಾನಪದ ತಜ್ಞ ನಾಡೋಜ ಡಾ. ರಾಮಸ್ವಾಮಿ ಅವರು ವಯೋಸಹಜ ಅನಾರೋಗ್ಯದಿಂದ ನಿಧನರಾದರು. ಅವರಿಗೆ 86 ವರ್ಷ ವಯಸ್ಸಾಗಿತ್ತು. ಜಾನಪದ ಕ್ಷೇತ್ರದಲ್ಲಿ ಅಪಾರ ಕೊಡುಗೆ ನೀಡಿದ್ದ ಅವರು ನೂರಾರು ಕೃತಿಗಳನ್ನು ರಚಿಸಿದ್ದಾರೆ. 1966ರಲ್ಲಿ ಅಧ್ಯಾಪಕ ವೃತ್ತಿ ಆರಂಭಿಸಿದ ಅವರು ವಿಶ್ವವಿದ್ಯಾಲಯದಲ್ಲಿ ಪ್ರಾಧ್ಯಾಪಕರಾಗಿ ಸೇವೆ ಸಲ್ಲಿಸಿದ್ದರು. ನಾಡೋಜ, ರಾಜ್ಯೋತ್ಸವ ಪ್ರಶಸ್ತಿ ಸೇರಿದಂತೆ ಹಲವು ಗೌರವಗಳಿಗೆ ಪಾತ್ರರಾಗಿದ್ದರು. ಕನ್ನಡ ಸಾಹಿತ್ಯ ಪರಿಷತ್ತಿನ ಚಟುವಟಿಕೆಗಳಲ್ಲಿ ಸಕ್ರಿಯರಾಗಿದ್ದರು. ಗ್ರಾಮೀಣ ಸಂಸ್ಕೃತಿ ಕುರಿತು ಆಳವಾದ ಅಧ್ಯಯನ ನಡೆಸಿದ್ದರು. ಅವರ ನಿಧನಕ್ಕೆ ಸಾಹಿತ್ಯ ವಲಯದ ಗಣ್ಯರು ಸಂತಾಪ ಸೂಚಿಸಿದ್ದಾರೆ. ಅಂತ್ಯಕ್ರಿಯೆ ಹುಟ್ಟೂರಿನಲ್ಲಿ ನೆರವೇರಲಿದೆ. ಅಪಾರ ಶಿಷ್ಯವರ್ಗ, ಬಂಧುಮಿತ್ರರನ್ನು ಅಗಲಿದ್ದಾರೆ. 1992ರಲ್ಲಿ ರಾಜ್ಯ ಸಾಹಿತ್ಯ ಅಕಾಡೆಮಿ ಪ್ರಶಸ್ತಿ ಪಡೆದಿದ್ದರು. ಬಹುಮುಖ ಪ್ರತಿಭೆ: ರಾಮಸ್ವಾಮಿ ಅವರು ಕವಿ, ನಾಟಕಕಾರ, ಸಂಶೋಧಕ ಹಾಗೂ ಪ್ರಾಧ್ಯಾಪಕರಾಗಿ ಬಹುಮುಖ ಸೇವೆ ಸಲ್ಲಿಸಿದ್ದರು. ವಿದ್ಯಾರ್ಥಿಗಳ ಮೆಚ್ಚಿನ ಶಿಕ್ಷಕರಾಗಿದ್ದರು. ಅನೇಕ ಗ್ರಂಥಗಳನ್ನು ಸಂಪಾದಿಸಿದ್ದರು.
ಗಣ್ಯರಿಂದ ಸಂತಾಪ
ರಾಮಸ್ವಾಮಿ ಅವರ ನಿಧನಕ್ಕೆ ಮುಖ್ಯಮಂತ್ರಿ, ಸಚಿವರು, ಸಾಹಿತಿಗಳು ಹಾಗೂ ಕನ್ನಡ ಸಾಹಿತ್ಯ ಪರಿಷತ್ತಿನ ಅಧ್ಯಕ್ಷರು ಸಂತಾಪ ಸೂಚಿಸಿದ್ದಾರೆ. ಕನ್ನಡ ಜಾನಪದ ಲೋಕಕ್ಕೆ ತುಂಬಲಾರದ ನಷ್ಟ ಉಂಟಾಗಿದೆ ಎಂದು ಬಣ್ಣಿಸಿದ್ದಾರೆ.
ಅಂತಿಮ ದರ್ಶನ-ಅಂತ್ಯಕ್ರಿಯೆ: ಪಾರ್ಥಿವ ಶರೀರವನ್ನು ಬೆಳಗ್ಗೆ 10.30ರಿಂದ 12 ಗಂಟೆಯವರೆಗೆ ಕಲಾಕ್ಷೇತ್ರದಲ್ಲಿ ಸಾರ್ವಜನಿಕರ ಅಂತಿಮ ದರ್ಶನಕ್ಕೆ ಇಡಲಾಗುವುದು. ಬಳಿಕ ಹುಟ್ಟೂರಿನಲ್ಲಿ ಸಕಲ ಸರ್ಕಾರಿ ಗೌರವಗಳೊಂದಿಗೆ ಅಂತ್ಯಕ್ರಿಯೆ ನೆರವೇರಲಿದೆ. ಕುಟುಂಬಸ್ಥರು ಹಾಗೂ ಅಭಿಮಾನಿಗಳು ಭಾಗವಹಿಸಲಿದ್ದಾರೆ.
